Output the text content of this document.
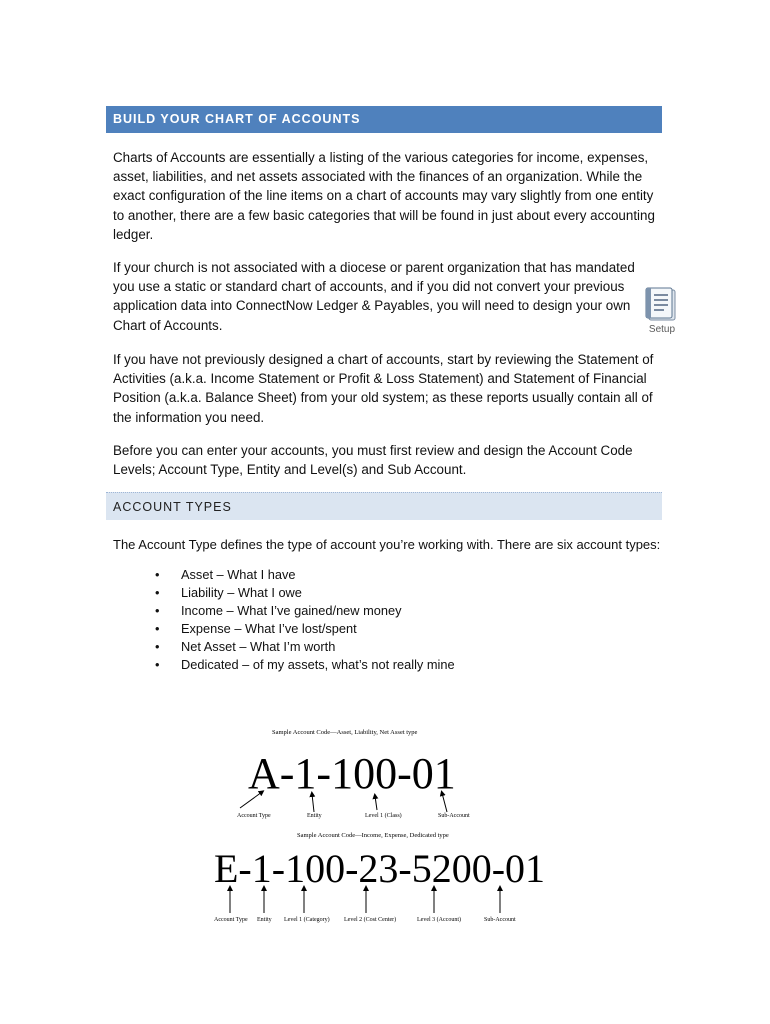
BUILD YOUR CHART OF ACCOUNTS

Charts of Accounts are essentially a listing of the various categories for income, expenses, asset, liabilities, and net assets associated with the finances of an organization. While the exact configuration of the line items on a chart of accounts may vary slightly from one entity to another, there are a few basic categories that will be found in just about every accounting ledger.

If your church is not associated with a diocese or parent organization that has mandated you use a static or standard chart of accounts, and if you did not convert your previous application data into ConnectNow Ledger & Payables, you will need to design your own Chart of Accounts.	Setup

If you have not previously designed a chart of accounts, start by reviewing the Statement of Activities (a.k.a. Income Statement or Profit & Loss Statement) and Statement of Financial Position (a.k.a. Balance Sheet) from your old system; as these reports usually contain all of the information you need.

Before you can enter your accounts, you must first review and design the Account Code Levels; Account Type, Entity and Level(s) and Sub Account.

ACCOUNT TYPES

The Account Type defines the type of account you’re working with. There are six account types:

• Asset – What I have
• Liability – What I owe
• Income – What I’ve gained/new money
• Expense – What I’ve lost/spent
• Net Asset – What I’m worth
• Dedicated – of my assets, what’s not really mine
Sample Account Code—Asset, Liability, Net Asset type
A-1-100-01
Account Type	Entity	Level 1 (Class)	Sub-Account
Sample Account Code—Income, Expense, Dedicated type
E-1-100-23-5200-01
Account Type Entity Level 1 (Category) Level 2 (Cost Center)	Level 3 (Account)	Sub-Account
